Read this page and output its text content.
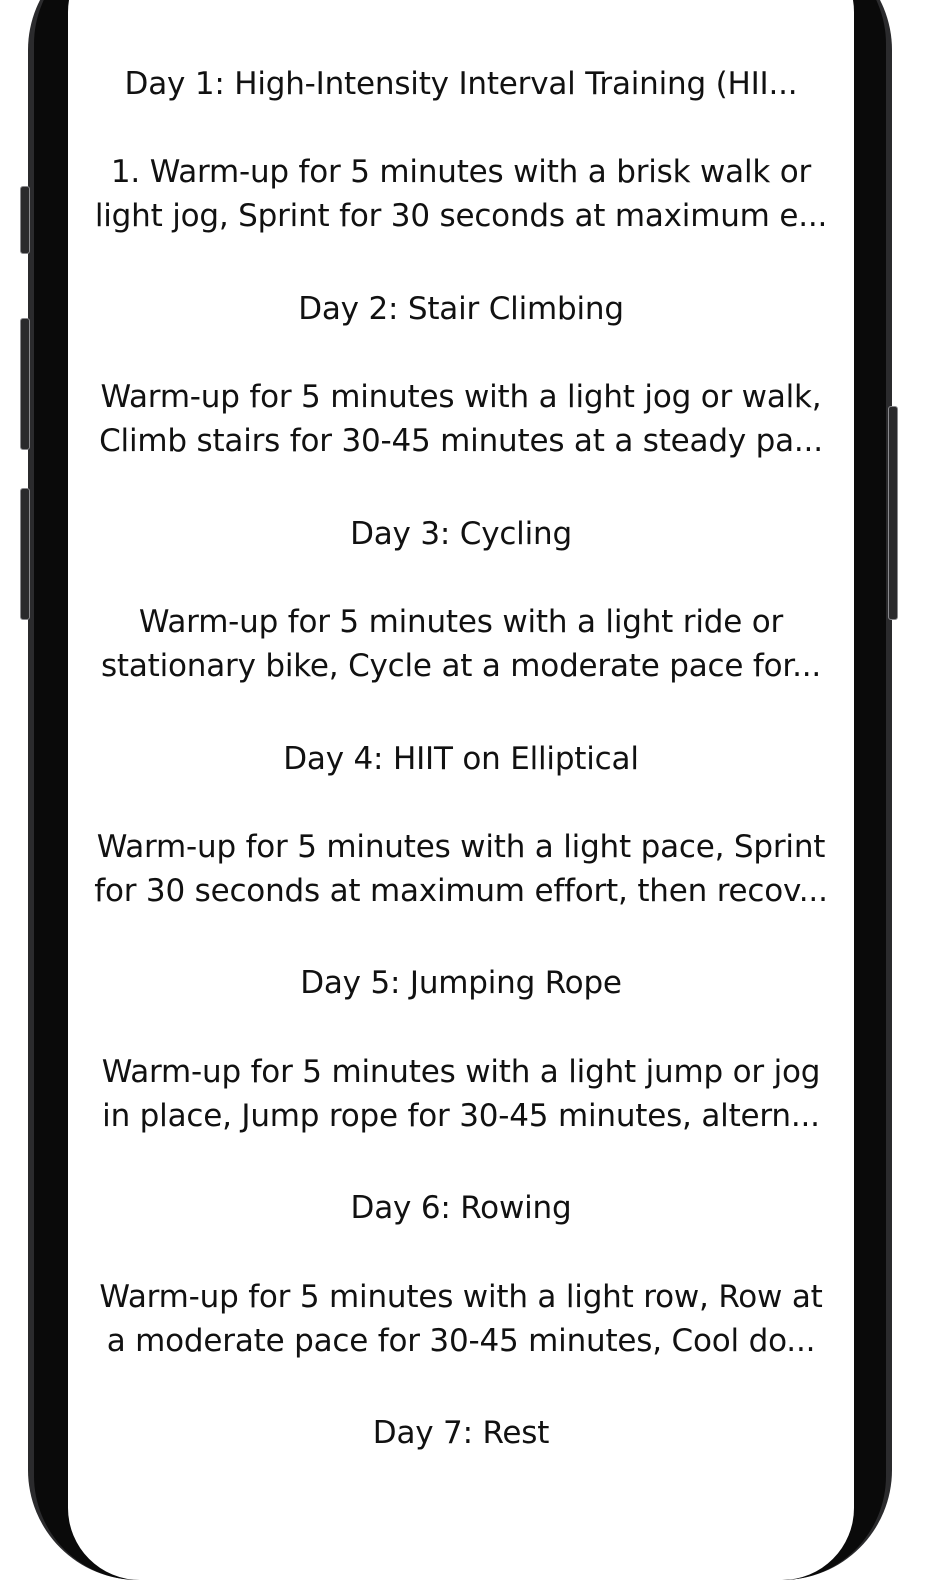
Day 1: High-Intensity Interval Training (HII...
1. Warm-up for 5 minutes with a brisk walk or
light jog, Sprint for 30 seconds at maximum e...
Day 2: Stair Climbing
Warm-up for 5 minutes with a light jog or walk,
Climb stairs for 30-45 minutes at a steady pa...
Day 3: Cycling
Warm-up for 5 minutes with a light ride or
stationary bike, Cycle at a moderate pace for...
Day 4: HIIT on Elliptical
Warm-up for 5 minutes with a light pace, Sprint
for 30 seconds at maximum effort, then recov...
Day 5: Jumping Rope
Warm-up for 5 minutes with a light jump or jog
in place, Jump rope for 30-45 minutes, altern...
Day 6: Rowing
Warm-up for 5 minutes with a light row, Row at
a moderate pace for 30-45 minutes, Cool do...
Day 7: Rest
